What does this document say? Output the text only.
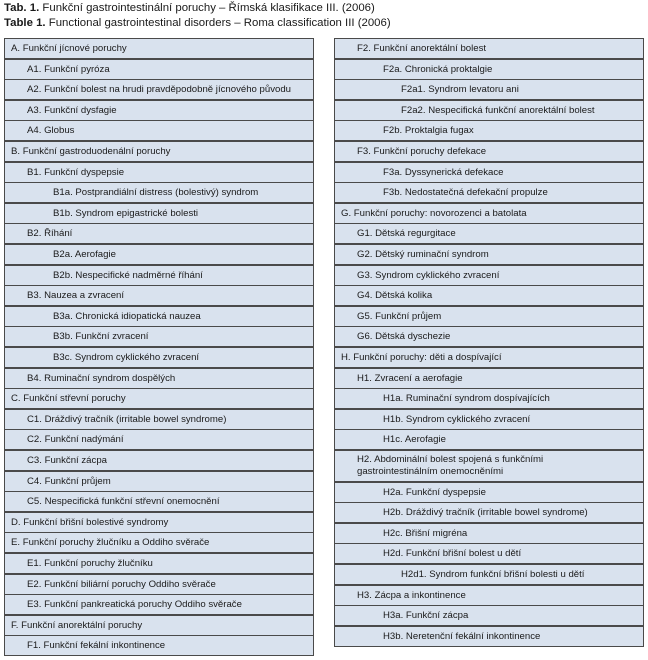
Tab. 1. Funkční gastrointestinální poruchy – Římská klasifikace III. (2006)
Table 1. Functional gastrointestinal disorders – Roma classification III (2006)
A. Funkční jícnové poruchy
A1. Funkční pyróza
A2. Funkční bolest na hrudi pravděpodobně jícnového původu
A3. Funkční dysfagie
A4. Globus
B. Funkční gastroduodenální poruchy
B1. Funkční dyspepsie
B1a. Postprandiální distress (bolestivý) syndrom
B1b. Syndrom epigastrické bolesti
B2. Říhání
B2a. Aerofagie
B2b. Nespecifické nadměrné říhání
B3. Nauzea a zvracení
B3a. Chronická idiopatická nauzea
B3b. Funkční zvracení
B3c. Syndrom cyklického zvracení
B4. Ruminační syndrom dospělých
C. Funkční střevní poruchy
C1. Dráždivý tračník (irritable bowel syndrome)
C2. Funkční nadýmání
C3. Funkční zácpa
C4. Funkční průjem
C5. Nespecifická funkční střevní onemocnění
D. Funkční břišní bolestivé syndromy
E. Funkční poruchy žlučníku a Oddiho svěrače
E1. Funkční poruchy žlučníku
E2. Funkční biliární poruchy Oddiho svěrače
E3. Funkční pankreatická poruchy Oddiho svěrače
F. Funkční anorektální poruchy
F1. Funkční fekální inkontinence
F2. Funkční anorektální bolest
F2a. Chronická proktalgie
F2a1. Syndrom levatoru ani
F2a2. Nespecifická funkční anorektální bolest
F2b. Proktalgia fugax
F3. Funkční poruchy defekace
F3a. Dyssynerická defekace
F3b. Nedostatečná defekační propulze
G. Funkční poruchy: novorozenci a batolata
G1. Dětská regurgitace
G2. Dětský ruminační syndrom
G3. Syndrom cyklického zvracení
G4. Dětská kolika
G5. Funkční průjem
G6. Dětská dyschezie
H. Funkční poruchy: děti a dospívající
H1. Zvracení a aerofagie
H1a. Ruminační syndrom dospívajících
H1b. Syndrom cyklického zvracení
H1c. Aerofagie
H2. Abdominální bolest spojená s funkčními gastrointestinálním onemocněními
H2a. Funkční dyspepsie
H2b. Dráždivý tračník (irritable bowel syndrome)
H2c. Břišní migréna
H2d. Funkční břišní bolest u dětí
H2d1. Syndrom funkční břišní bolesti u dětí
H3. Zácpa a inkontinence
H3a. Funkční zácpa
H3b. Neretenční fekální inkontinence
